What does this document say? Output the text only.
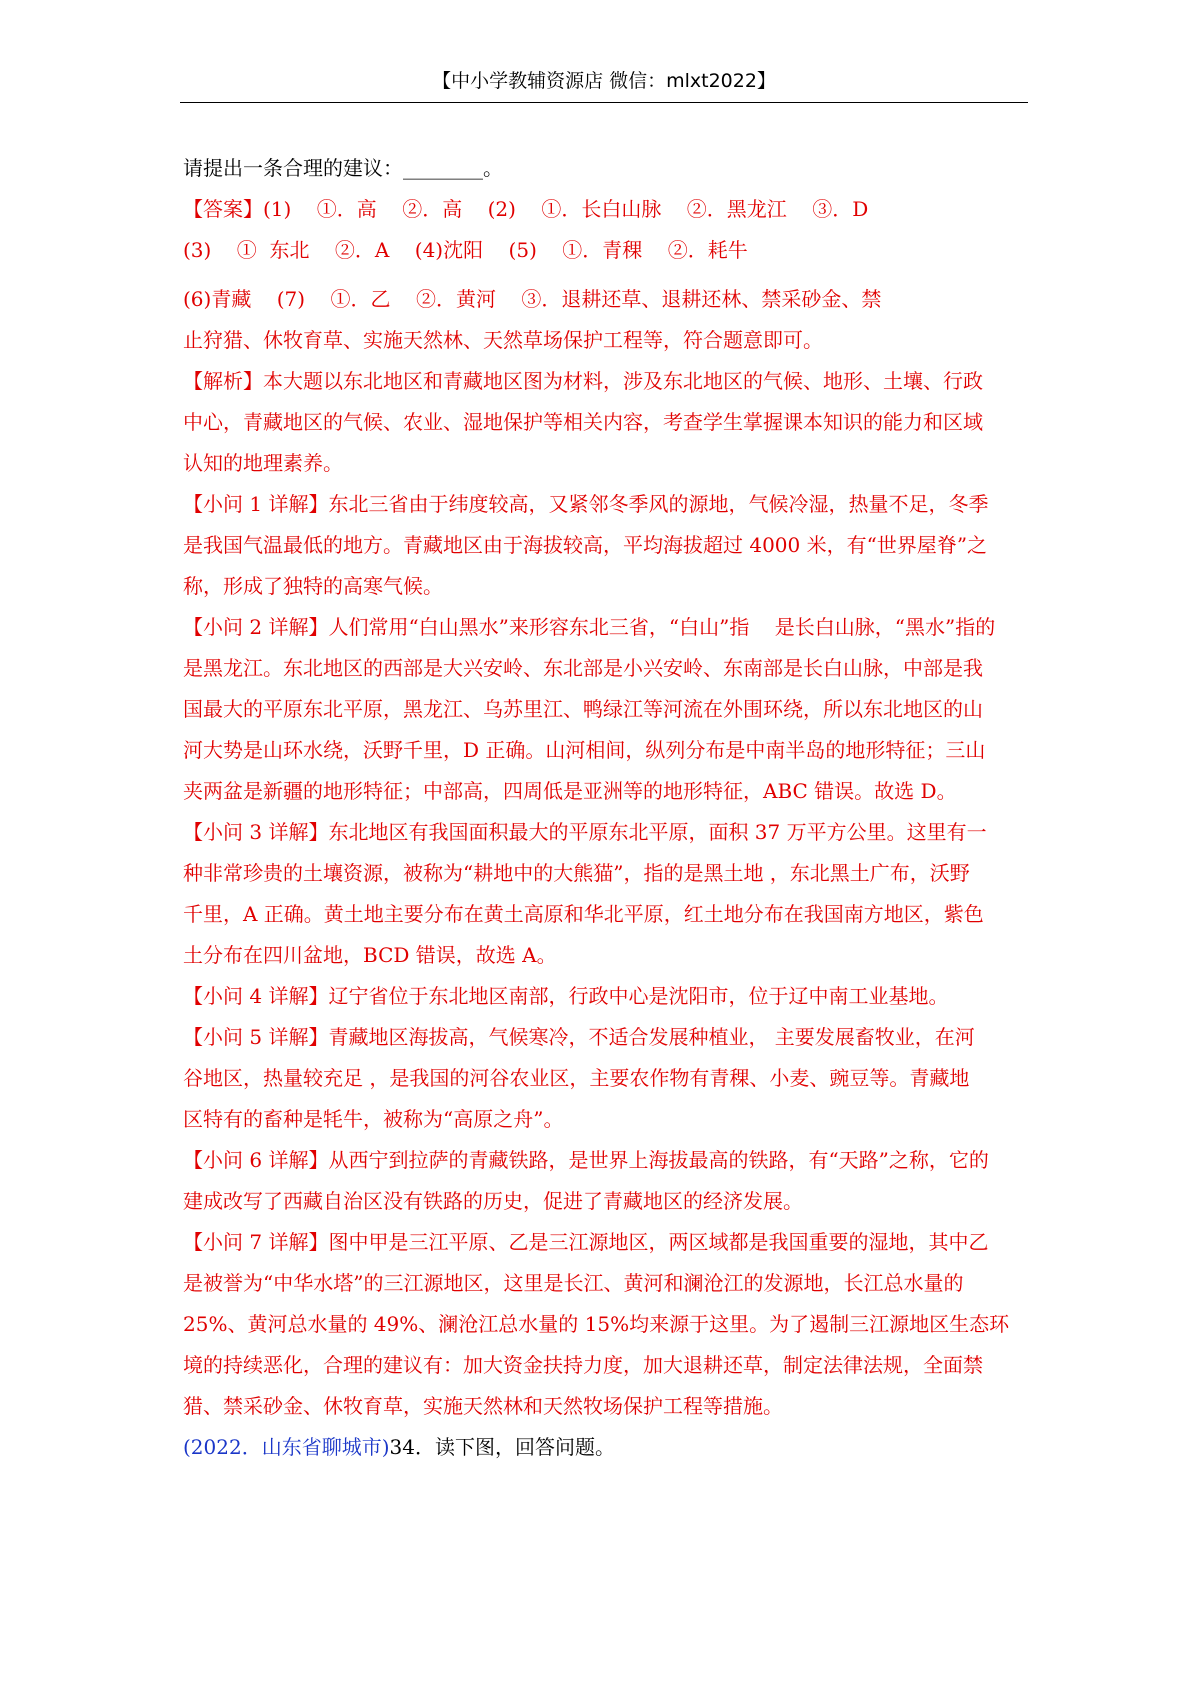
【中小学教辅资源店 微信：mlxt2022】
请提出一条合理的建议：________。
【答案】(1)    ①．高    ②．高    (2)    ①．长白山脉    ②．黑龙江    ③．D
(3)    ①  东北    ②．A    (4)沈阳    (5)    ①．青稞    ②．耗牛
(6)青藏    (7)    ①．乙    ②．黄河    ③．退耕还草、退耕还林、禁采砂金、禁
止狩猎、休牧育草、实施天然林、天然草场保护工程等，符合题意即可。
【解析】本大题以东北地区和青藏地区图为材料，涉及东北地区的气候、地形、土壤、行政
中心，青藏地区的气候、农业、湿地保护等相关内容，考查学生掌握课本知识的能力和区域
认知的地理素养。
【小问 1 详解】东北三省由于纬度较高，又紧邻冬季风的源地，气候冷湿，热量不足，冬季
是我国气温最低的地方。青藏地区由于海拔较高，平均海拔超过 4000 米，有“世界屋脊”之
称，形成了独特的高寒气候。
【小问 2 详解】人们常用“白山黑水”来形容东北三省，“白山”指    是长白山脉，“黑水”指的
是黑龙江。东北地区的西部是大兴安岭、东北部是小兴安岭、东南部是长白山脉，中部是我
国最大的平原东北平原，黑龙江、乌苏里江、鸭绿江等河流在外围环绕，所以东北地区的山
河大势是山环水绕，沃野千里，D 正确。山河相间，纵列分布是中南半岛的地形特征；三山
夹两盆是新疆的地形特征；中部高，四周低是亚洲等的地形特征，ABC 错误。故选 D。
【小问 3 详解】东北地区有我国面积最大的平原东北平原，面积 37 万平方公里。这里有一
种非常珍贵的土壤资源，被称为“耕地中的大熊猫”，指的是黑土地 ，东北黑土广布，沃野
千里，A 正确。黄土地主要分布在黄土高原和华北平原，红土地分布在我国南方地区，紫色
土分布在四川盆地，BCD 错误，故选 A。
【小问 4 详解】辽宁省位于东北地区南部，行政中心是沈阳市，位于辽中南工业基地。
【小问 5 详解】青藏地区海拔高，气候寒冷，不适合发展种植业， 主要发展畜牧业，在河
谷地区，热量较充足 ，是我国的河谷农业区，主要农作物有青稞、小麦、豌豆等。青藏地
区特有的畜种是牦牛，被称为“高原之舟”。
【小问 6 详解】从西宁到拉萨的青藏铁路，是世界上海拔最高的铁路，有“天路”之称，它的
建成改写了西藏自治区没有铁路的历史，促进了青藏地区的经济发展。
【小问 7 详解】图中甲是三江平原、乙是三江源地区，两区域都是我国重要的湿地，其中乙
是被誉为“中华水塔”的三江源地区，这里是长江、黄河和澜沧江的发源地，长江总水量的
25%、黄河总水量的 49%、澜沧江总水量的 15%均来源于这里。为了遏制三江源地区生态环
境的持续恶化，合理的建议有：加大资金扶持力度，加大退耕还草，制定法律法规，全面禁
猎、禁采砂金、休牧育草，实施天然林和天然牧场保护工程等措施。
(2022．山东省聊城市)34．读下图，回答问题。
